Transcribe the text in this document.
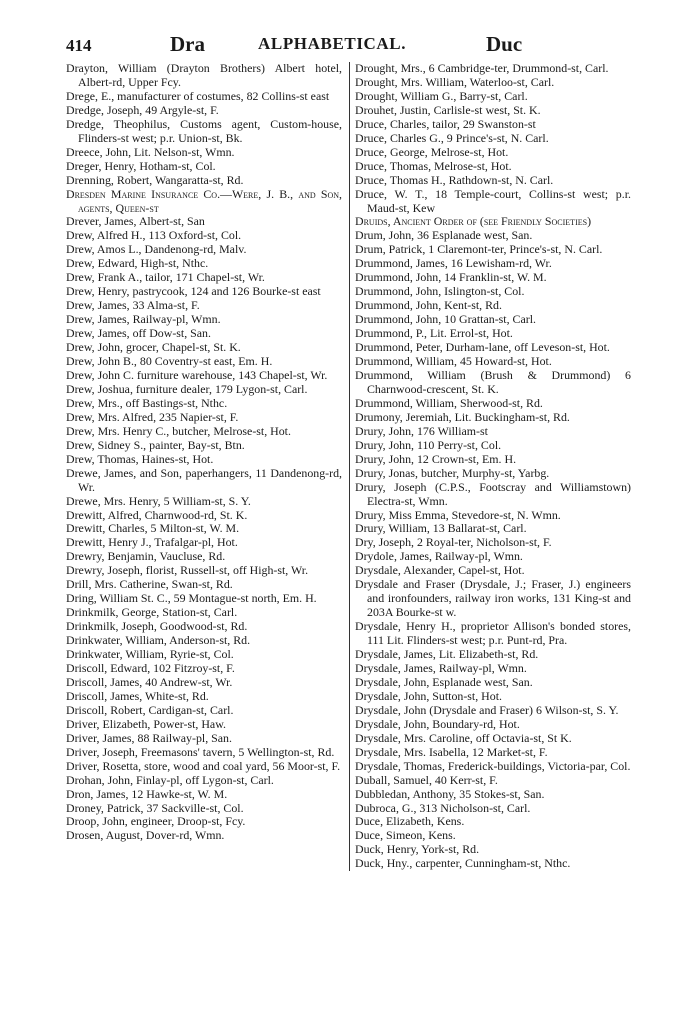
414	Dra	ALPHABETICAL.	Duc
Drayton, William (Drayton Brothers) Albert hotel, Albert-rd, Upper Fcy.
Drege, E., manufacturer of costumes, 82 Collins-st east
Dredge, Joseph, 49 Argyle-st, F.
Dredge, Theophilus, Customs agent, Custom-house, Flinders-st west; p.r. Union-st, Bk.
Dreece, John, Lit. Nelson-st, Wmn.
Dreger, Henry, Hotham-st, Col.
Drenning, Robert, Wangaratta-st, Rd.
Dresden Marine Insurance Co.—Were, J. B., and Son, agents, Queen-st
Drever, James, Albert-st, San
Drew, Alfred H., 113 Oxford-st, Col.
Drew, Amos L., Dandenong-rd, Malv.
Drew, Edward, High-st, Nthc.
Drew, Frank A., tailor, 171 Chapel-st, Wr.
Drew, Henry, pastrycook, 124 and 126 Bourke-st east
Drew, James, 33 Alma-st, F.
Drew, James, Railway-pl, Wmn.
Drew, James, off Dow-st, San.
Drew, John, grocer, Chapel-st, St. K.
Drew, John B., 80 Coventry-st east, Em. H.
Drew, John C. furniture warehouse, 143 Chapel-st, Wr.
Drew, Joshua, furniture dealer, 179 Lygon-st, Carl.
Drew, Mrs., off Bastings-st, Nthc.
Drew, Mrs. Alfred, 235 Napier-st, F.
Drew, Mrs. Henry C., butcher, Melrose-st, Hot.
Drew, Sidney S., painter, Bay-st, Btn.
Drew, Thomas, Haines-st, Hot.
Drewe, James, and Son, paperhangers, 11 Dandenong-rd, Wr.
Drewe, Mrs. Henry, 5 William-st, S. Y.
Drewitt, Alfred, Charnwood-rd, St. K.
Drewitt, Charles, 5 Milton-st, W. M.
Drewitt, Henry J., Trafalgar-pl, Hot.
Drewry, Benjamin, Vaucluse, Rd.
Drewry, Joseph, florist, Russell-st, off High-st, Wr.
Drill, Mrs. Catherine, Swan-st, Rd.
Dring, William St. C., 59 Montague-st north, Em. H.
Drinkmilk, George, Station-st, Carl.
Drinkmilk, Joseph, Goodwood-st, Rd.
Drinkwater, William, Anderson-st, Rd.
Drinkwater, William, Ryrie-st, Col.
Driscoll, Edward, 102 Fitzroy-st, F.
Driscoll, James, 40 Andrew-st, Wr.
Driscoll, James, White-st, Rd.
Driscoll, Robert, Cardigan-st, Carl.
Driver, Elizabeth, Power-st, Haw.
Driver, James, 88 Railway-pl, San.
Driver, Joseph, Freemasons' tavern, 5 Wellington-st, Rd.
Driver, Rosetta, store, wood and coal yard, 56 Moor-st, F.
Drohan, John, Finlay-pl, off Lygon-st, Carl.
Dron, James, 12 Hawke-st, W. M.
Droney, Patrick, 37 Sackville-st, Col.
Droop, John, engineer, Droop-st, Fcy.
Drosen, August, Dover-rd, Wmn.
Drought, Mrs., 6 Cambridge-ter, Drummond-st, Carl.
Drought, Mrs. William, Waterloo-st, Carl.
Drought, William G., Barry-st, Carl.
Drouhet, Justin, Carlisle-st west, St. K.
Druce, Charles, tailor, 29 Swanston-st
Druce, Charles G., 9 Prince's-st, N. Carl.
Druce, George, Melrose-st, Hot.
Druce, Thomas, Melrose-st, Hot.
Druce, Thomas H., Rathdown-st, N. Carl.
Druce, W. T., 18 Temple-court, Collins-st west; p.r. Maud-st, Kew
Druids, Ancient Order of (see Friendly Societies)
Drum, John, 36 Esplanade west, San.
Drum, Patrick, 1 Claremont-ter, Prince's-st, N. Carl.
Drummond, James, 16 Lewisham-rd, Wr.
Drummond, John, 14 Franklin-st, W. M.
Drummond, John, Islington-st, Col.
Drummond, John, Kent-st, Rd.
Drummond, John, 10 Grattan-st, Carl.
Drummond, P., Lit. Errol-st, Hot.
Drummond, Peter, Durham-lane, off Leveson-st, Hot.
Drummond, William, 45 Howard-st, Hot.
Drummond, William (Brush & Drummond) 6 Charnwood-crescent, St. K.
Drummond, William, Sherwood-st, Rd.
Drumony, Jeremiah, Lit. Buckingham-st, Rd.
Drury, John, 176 William-st
Drury, John, 110 Perry-st, Col.
Drury, John, 12 Crown-st, Em. H.
Drury, Jonas, butcher, Murphy-st, Yarbg.
Drury, Joseph (C.P.S., Footscray and Williamstown) Electra-st, Wmn.
Drury, Miss Emma, Stevedore-st, N. Wmn.
Drury, William, 13 Ballarat-st, Carl.
Dry, Joseph, 2 Royal-ter, Nicholson-st, F.
Drydole, James, Railway-pl, Wmn.
Drysdale, Alexander, Capel-st, Hot.
Drysdale and Fraser (Drysdale, J.; Fraser, J.) engineers and ironfounders, railway iron works, 131 King-st and 203A Bourke-st w.
Drysdale, Henry H., proprietor Allison's bonded stores, 111 Lit. Flinders-st west; p.r. Punt-rd, Pra.
Drysdale, James, Lit. Elizabeth-st, Rd.
Drysdale, James, Railway-pl, Wmn.
Drysdale, John, Esplanade west, San.
Drysdale, John, Sutton-st, Hot.
Drysdale, John (Drysdale and Fraser) 6 Wilson-st, S. Y.
Drysdale, John, Boundary-rd, Hot.
Drysdale, Mrs. Caroline, off Octavia-st, St K.
Drysdale, Mrs. Isabella, 12 Market-st, F.
Drysdale, Thomas, Frederick-buildings, Victoria-par, Col.
Duball, Samuel, 40 Kerr-st, F.
Dubbledan, Anthony, 35 Stokes-st, San.
Dubroca, G., 313 Nicholson-st, Carl.
Duce, Elizabeth, Kens.
Duce, Simeon, Kens.
Duck, Henry, York-st, Rd.
Duck, Hny., carpenter, Cunningham-st, Nthc.
